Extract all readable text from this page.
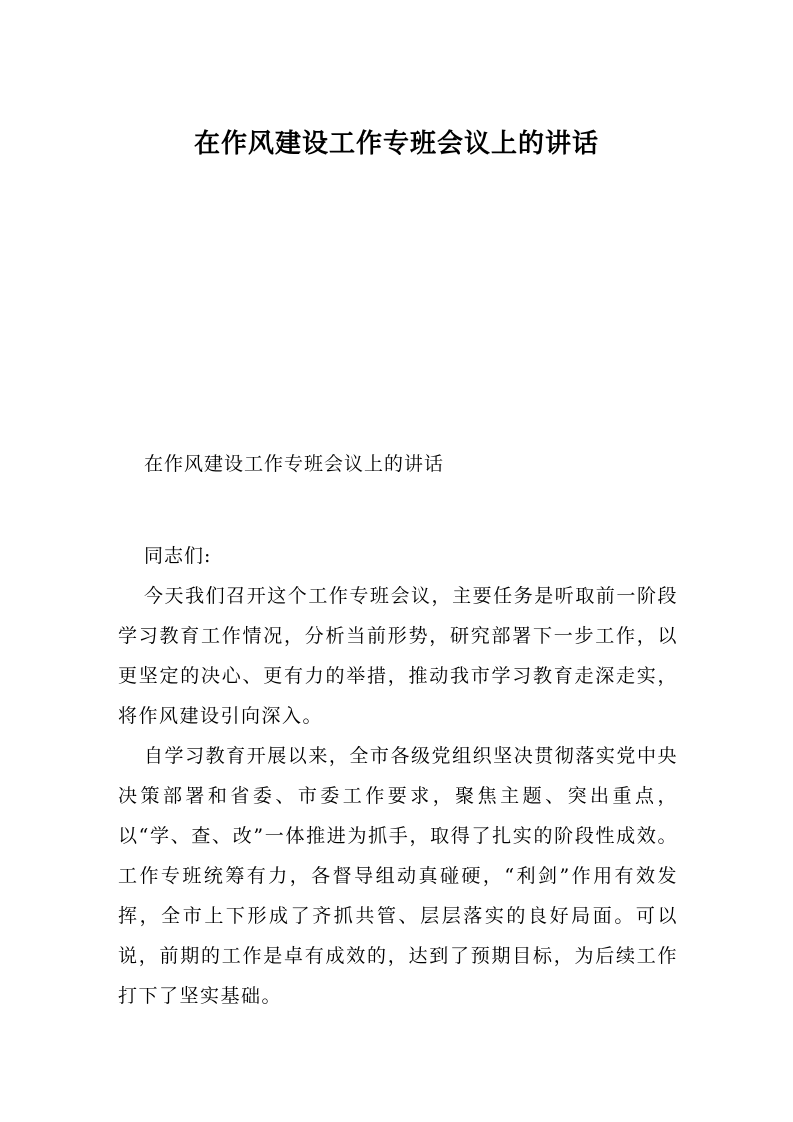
在作风建设工作专班会议上的讲话

在作风建设工作专班会议上的讲话

同志们:

今天我们召开这个工作专班会议，主要任务是听取前一阶段学习教育工作情况，分析当前形势，研究部署下一步工作，以更坚定的决心、更有力的举措，推动我市学习教育走深走实，将作风建设引向深入。

自学习教育开展以来，全市各级党组织坚决贯彻落实党中央决策部署和省委、市委工作要求，聚焦主题、突出重点，以“学、查、改”一体推进为抓手，取得了扎实的阶段性成效。工作专班统筹有力，各督导组动真碰硬，“利剑”作用有效发挥，全市上下形成了齐抓共管、层层落实的良好局面。可以说，前期的工作是卓有成效的，达到了预期目标，为后续工作打下了坚实基础。
